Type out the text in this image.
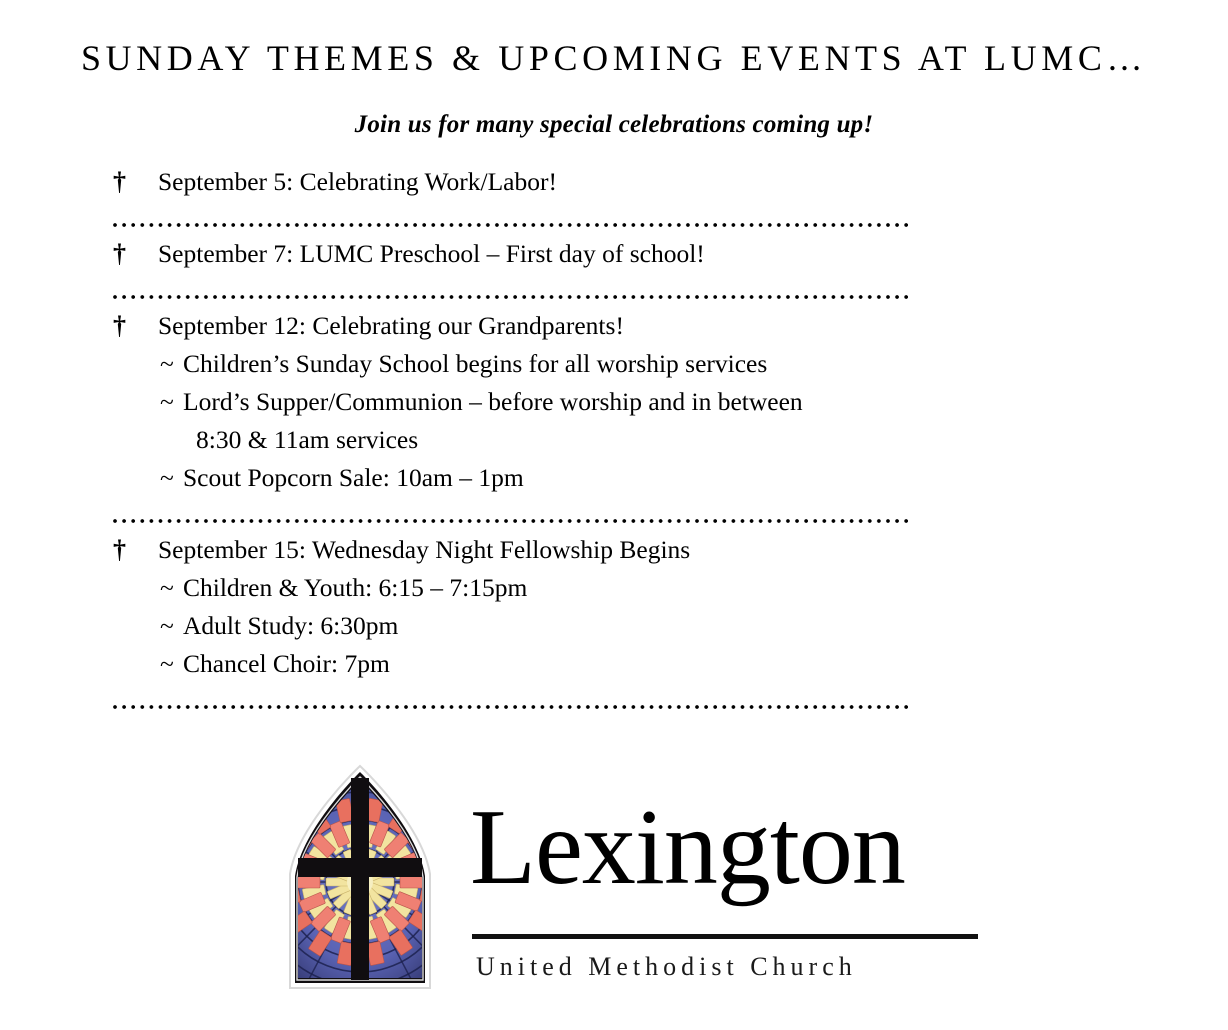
SUNDAY THEMES & UPCOMING EVENTS AT LUMC…
Join us for many special celebrations coming up!
† September 5: Celebrating Work/Labor!
† September 7: LUMC Preschool – First day of school!
† September 12: Celebrating our Grandparents!
~ Children’s Sunday School begins for all worship services
~ Lord’s Supper/Communion – before worship and in between
8:30 & 11am services
~ Scout Popcorn Sale: 10am – 1pm
† September 15: Wednesday Night Fellowship Begins
~ Children & Youth: 6:15 – 7:15pm
~ Adult Study: 6:30pm
~ Chancel Choir: 7pm
Lexington
United Methodist Church
